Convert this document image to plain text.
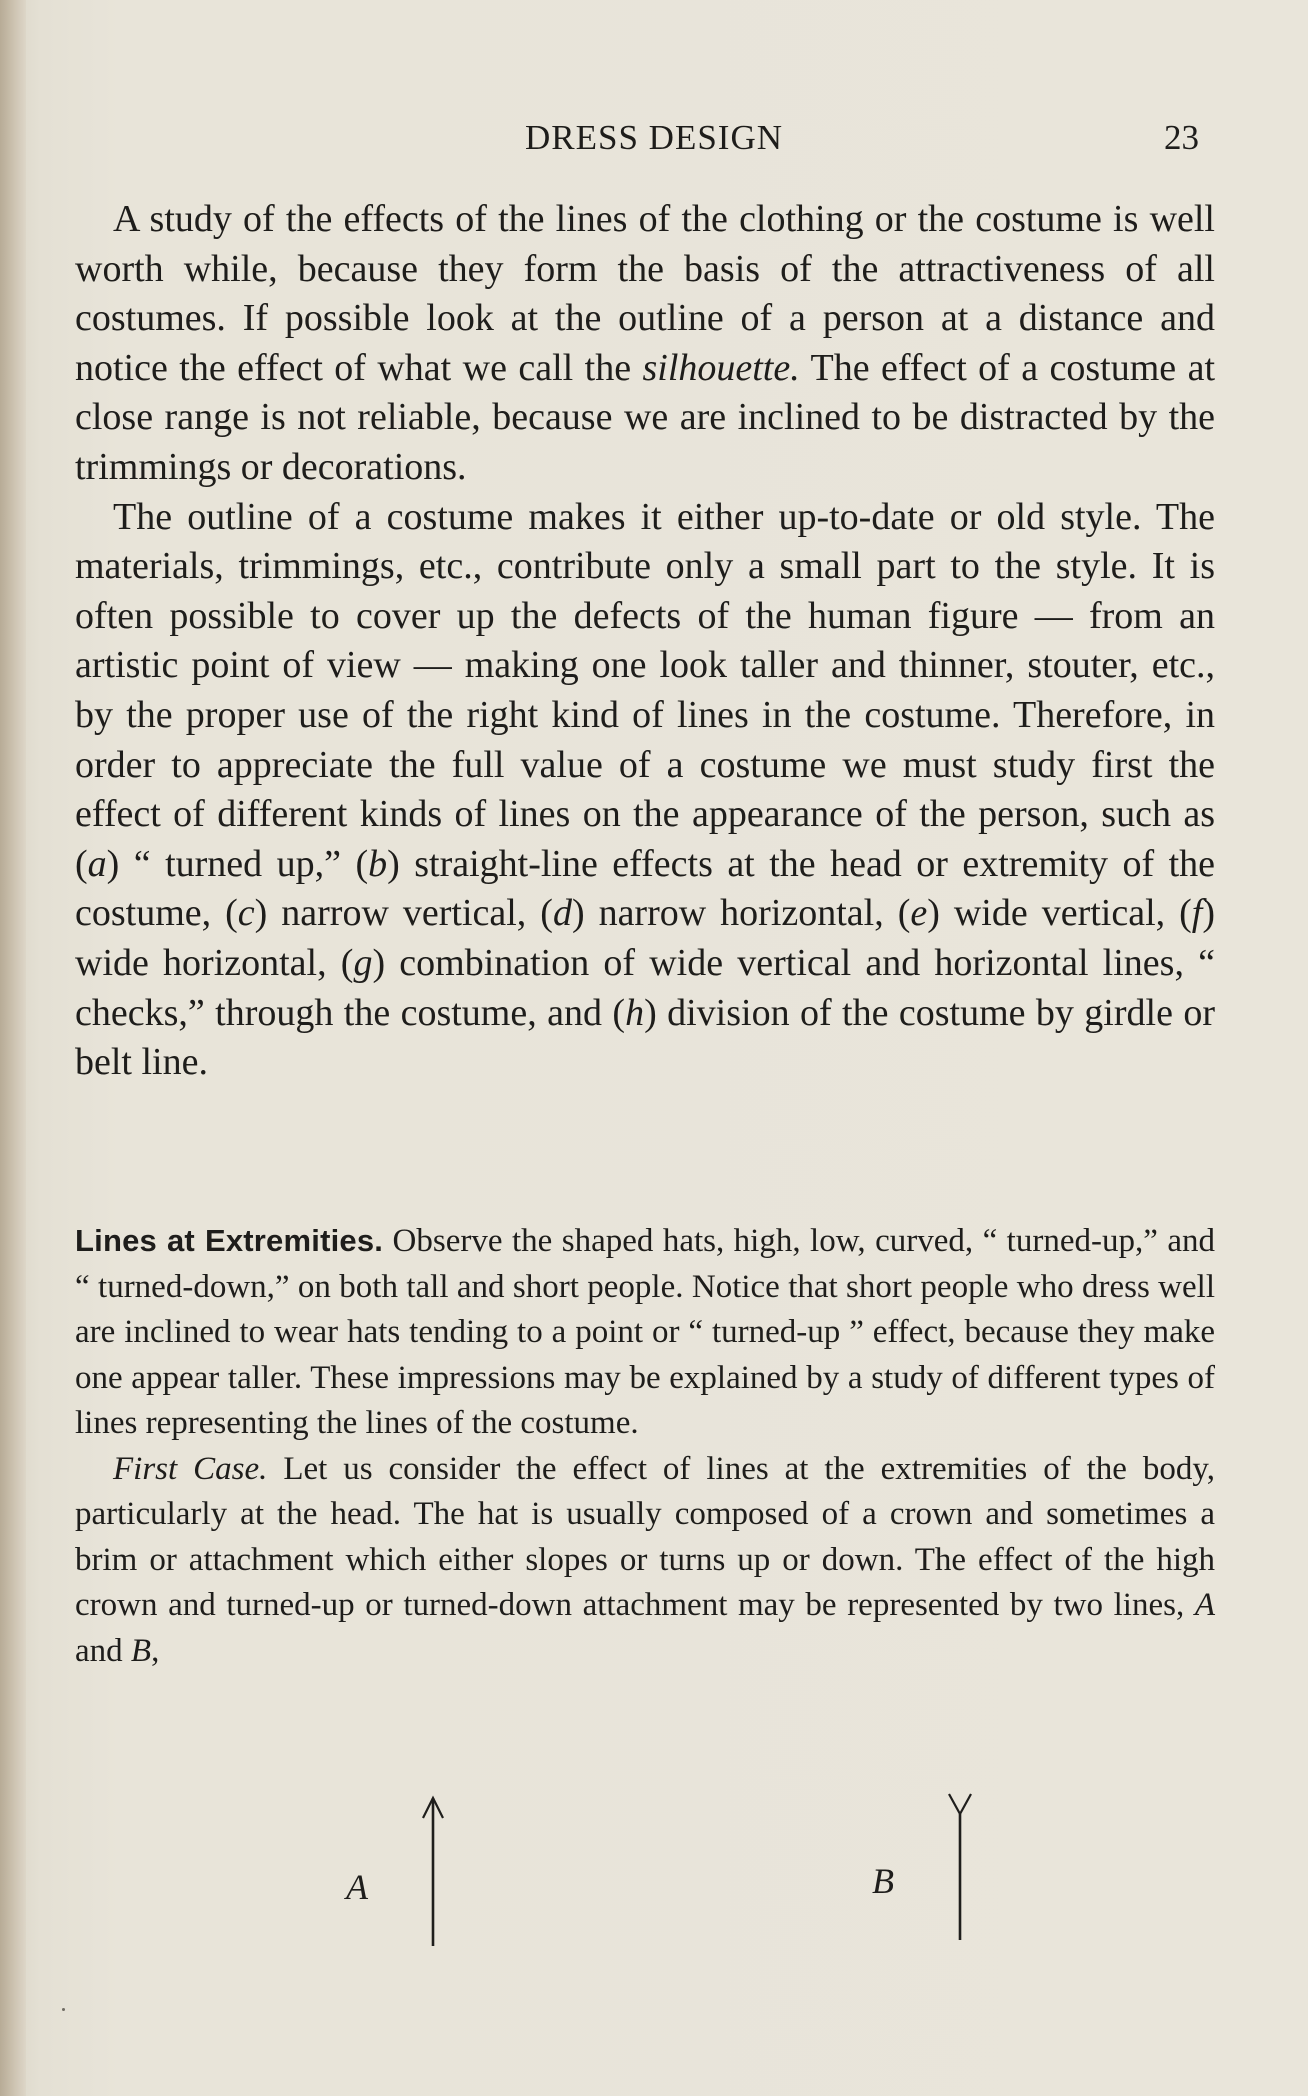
DRESS DESIGN	23

A study of the effects of the lines of the clothing or the costume is well worth while, because they form the basis of the attractiveness of all costumes. If possible look at the outline of a person at a distance and notice the effect of what we call the silhouette. The effect of a costume at close range is not reliable, because we are inclined to be distracted by the trimmings or decorations.

The outline of a costume makes it either up-to-date or old style. The materials, trimmings, etc., contribute only a small part to the style. It is often possible to cover up the defects of the human figure — from an artistic point of view — making one look taller and thinner, stouter, etc., by the proper use of the right kind of lines in the costume. Therefore, in order to appreciate the full value of a costume we must study first the effect of different kinds of lines on the appearance of the person, such as (a) “ turned up,” (b) straight-line effects at the head or extremity of the costume, (c) narrow vertical, (d) narrow horizontal, (e) wide vertical, (f) wide horizontal, (g) combination of wide vertical and horizontal lines, “ checks,” through the costume, and (h) division of the costume by girdle or belt line.

Lines at Extremities. Observe the shaped hats, high, low, curved, “ turned-up,” and “ turned-down,” on both tall and short people. Notice that short people who dress well are inclined to wear hats tending to a point or “ turned-up ” effect, because they make one appear taller. These impressions may be explained by a study of different types of lines representing the lines of the costume.

First Case. Let us consider the effect of lines at the extremities of the body, particularly at the head. The hat is usually composed of a crown and sometimes a brim or attachment which either slopes or turns up or down. The effect of the high crown and turned-up or turned-down attachment may be represented by two lines, A and B,

A	B
